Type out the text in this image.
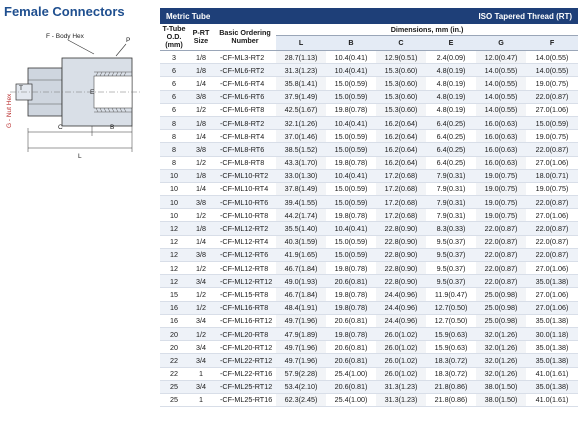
Female Connectors
F - Body Hex
P
G - Nut Hex
T
E
C	B
L
Metric Tube			ISO Tapered Thread (RT)					
T-Tube O.D. (mm)	P-RT Size	Basic Ordering Number	Dimensions, mm (in.)					
			L	B	C	E	G	F
3	1/8	-CF-ML3-RT2	28.7(1.13)	10.4(0.41)	12.9(0.51)	2.4(0.09)	12.0(0.47)	14.0(0.55)
6	1/8	-CF-ML6-RT2	31.3(1.23)	10.4(0.41)	15.3(0.60)	4.8(0.19)	14.0(0.55)	14.0(0.55)
6	1/4	-CF-ML6-RT4	35.8(1.41)	15.0(0.59)	15.3(0.60)	4.8(0.19)	14.0(0.55)	19.0(0.75)
6	3/8	-CF-ML6-RT6	37.9(1.49)	15.0(0.59)	15.3(0.60)	4.8(0.19)	14.0(0.55)	22.0(0.87)
6	1/2	-CF-ML6-RT8	42.5(1.67)	19.8(0.78)	15.3(0.60)	4.8(0.19)	14.0(0.55)	27.0(1.06)
8	1/8	-CF-ML8-RT2	32.1(1.26)	10.4(0.41)	16.2(0.64)	6.4(0.25)	16.0(0.63)	15.0(0.59)
8	1/4	-CF-ML8-RT4	37.0(1.46)	15.0(0.59)	16.2(0.64)	6.4(0.25)	16.0(0.63)	19.0(0.75)
8	3/8	-CF-ML8-RT6	38.5(1.52)	15.0(0.59)	16.2(0.64)	6.4(0.25)	16.0(0.63)	22.0(0.87)
8	1/2	-CF-ML8-RT8	43.3(1.70)	19.8(0.78)	16.2(0.64)	6.4(0.25)	16.0(0.63)	27.0(1.06)
10	1/8	-CF-ML10-RT2	33.0(1.30)	10.4(0.41)	17.2(0.68)	7.9(0.31)	19.0(0.75)	18.0(0.71)
10	1/4	-CF-ML10-RT4	37.8(1.49)	15.0(0.59)	17.2(0.68)	7.9(0.31)	19.0(0.75)	19.0(0.75)
10	3/8	-CF-ML10-RT6	39.4(1.55)	15.0(0.59)	17.2(0.68)	7.9(0.31)	19.0(0.75)	22.0(0.87)
10	1/2	-CF-ML10-RT8	44.2(1.74)	19.8(0.78)	17.2(0.68)	7.9(0.31)	19.0(0.75)	27.0(1.06)
12	1/8	-CF-ML12-RT2	35.5(1.40)	10.4(0.41)	22.8(0.90)	8.3(0.33)	22.0(0.87)	22.0(0.87)
12	1/4	-CF-ML12-RT4	40.3(1.59)	15.0(0.59)	22.8(0.90)	9.5(0.37)	22.0(0.87)	22.0(0.87)
12	3/8	-CF-ML12-RT6	41.9(1.65)	15.0(0.59)	22.8(0.90)	9.5(0.37)	22.0(0.87)	22.0(0.87)
12	1/2	-CF-ML12-RT8	46.7(1.84)	19.8(0.78)	22.8(0.90)	9.5(0.37)	22.0(0.87)	27.0(1.06)
12	3/4	-CF-ML12-RT12	49.0(1.93)	20.6(0.81)	22.8(0.90)	9.5(0.37)	22.0(0.87)	35.0(1.38)
15	1/2	-CF-ML15-RT8	46.7(1.84)	19.8(0.78)	24.4(0.96)	11.9(0.47)	25.0(0.98)	27.0(1.06)
16	1/2	-CF-ML16-RT8	48.4(1.91)	19.8(0.78)	24.4(0.96)	12.7(0.50)	25.0(0.98)	27.0(1.06)
16	3/4	-CF-ML16-RT12	49.7(1.96)	20.6(0.81)	24.4(0.96)	12.7(0.50)	25.0(0.98)	35.0(1.38)
20	1/2	-CF-ML20-RT8	47.9(1.89)	19.8(0.78)	26.0(1.02)	15.9(0.63)	32.0(1.26)	30.0(1.18)
20	3/4	-CF-ML20-RT12	49.7(1.96)	20.6(0.81)	26.0(1.02)	15.9(0.63)	32.0(1.26)	35.0(1.38)
22	3/4	-CF-ML22-RT12	49.7(1.96)	20.6(0.81)	26.0(1.02)	18.3(0.72)	32.0(1.26)	35.0(1.38)
22	1	-CF-ML22-RT16	57.9(2.28)	25.4(1.00)	26.0(1.02)	18.3(0.72)	32.0(1.26)	41.0(1.61)
25	3/4	-CF-ML25-RT12	53.4(2.10)	20.6(0.81)	31.3(1.23)	21.8(0.86)	38.0(1.50)	35.0(1.38)
25	1	-CF-ML25-RT16	62.3(2.45)	25.4(1.00)	31.3(1.23)	21.8(0.86)	38.0(1.50)	41.0(1.61)
